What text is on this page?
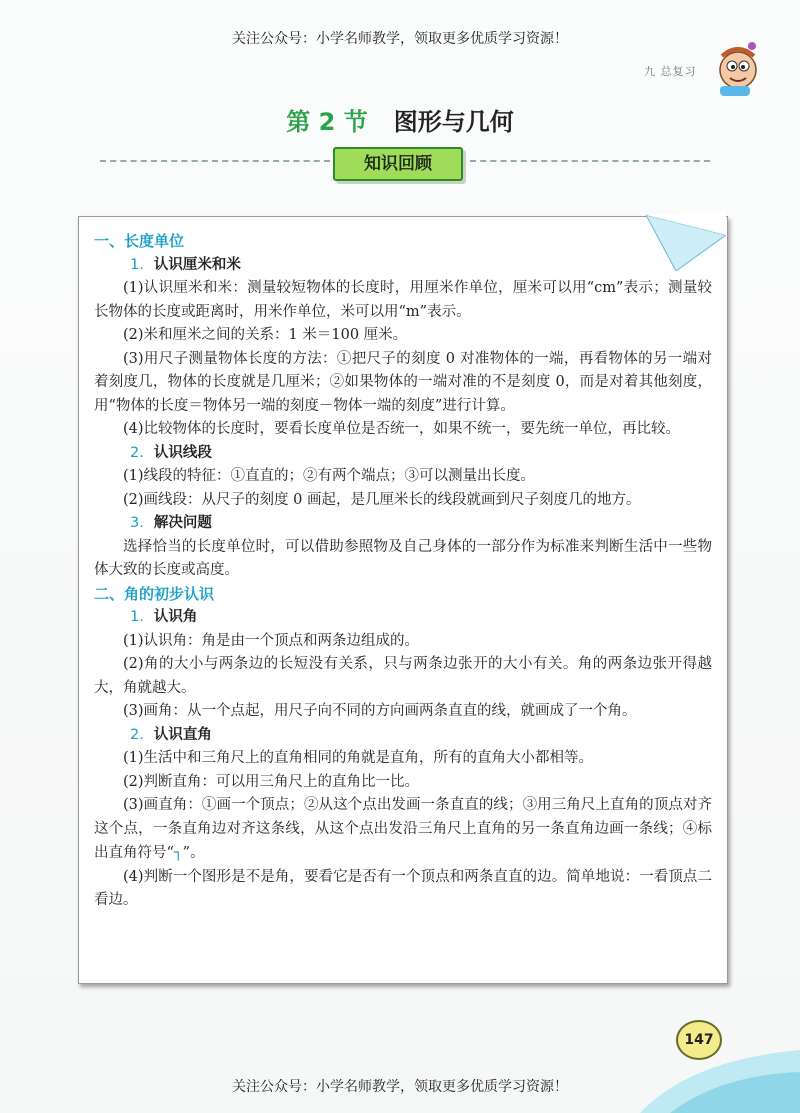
关注公众号：小学名师教学，领取更多优质学习资源！
九 总复习
第 2 节 图形与几何
知识回顾

一、长度单位

1. 认识厘米和米

(1)认识厘米和米：测量较短物体的长度时，用厘米作单位，厘米可以用“cm”表示；测量较长物体的长度或距离时，用米作单位，米可以用“m”表示。

(2)米和厘米之间的关系：1 米＝100 厘米。

(3)用尺子测量物体长度的方法：①把尺子的刻度 0 对准物体的一端，再看物体的另一端对着刻度几，物体的长度就是几厘米；②如果物体的一端对准的不是刻度 0，而是对着其他刻度，用“物体的长度＝物体另一端的刻度－物体一端的刻度”进行计算。

(4)比较物体的长度时，要看长度单位是否统一，如果不统一，要先统一单位，再比较。

2. 认识线段

(1)线段的特征：①直直的；②有两个端点；③可以测量出长度。

(2)画线段：从尺子的刻度 0 画起，是几厘米长的线段就画到尺子刻度几的地方。

3. 解决问题

选择恰当的长度单位时，可以借助参照物及自己身体的一部分作为标准来判断生活中一些物体大致的长度或高度。

二、角的初步认识

1. 认识角

(1)认识角：角是由一个顶点和两条边组成的。

(2)角的大小与两条边的长短没有关系，只与两条边张开的大小有关。角的两条边张开得越大，角就越大。

(3)画角：从一个点起，用尺子向不同的方向画两条直直的线，就画成了一个角。

2. 认识直角

(1)生活中和三角尺上的直角相同的角就是直角，所有的直角大小都相等。

(2)判断直角：可以用三角尺上的直角比一比。

(3)画直角：①画一个顶点；②从这个点出发画一条直直的线；③用三角尺上直角的顶点对齐这个点，一条直角边对齐这条线，从这个点出发沿三角尺上直角的另一条直角边画一条线；④标出直角符号“┐”。

(4)判断一个图形是不是角，要看它是否有一个顶点和两条直直的边。简单地说：一看顶点二看边。

147
关注公众号：小学名师教学，领取更多优质学习资源！
